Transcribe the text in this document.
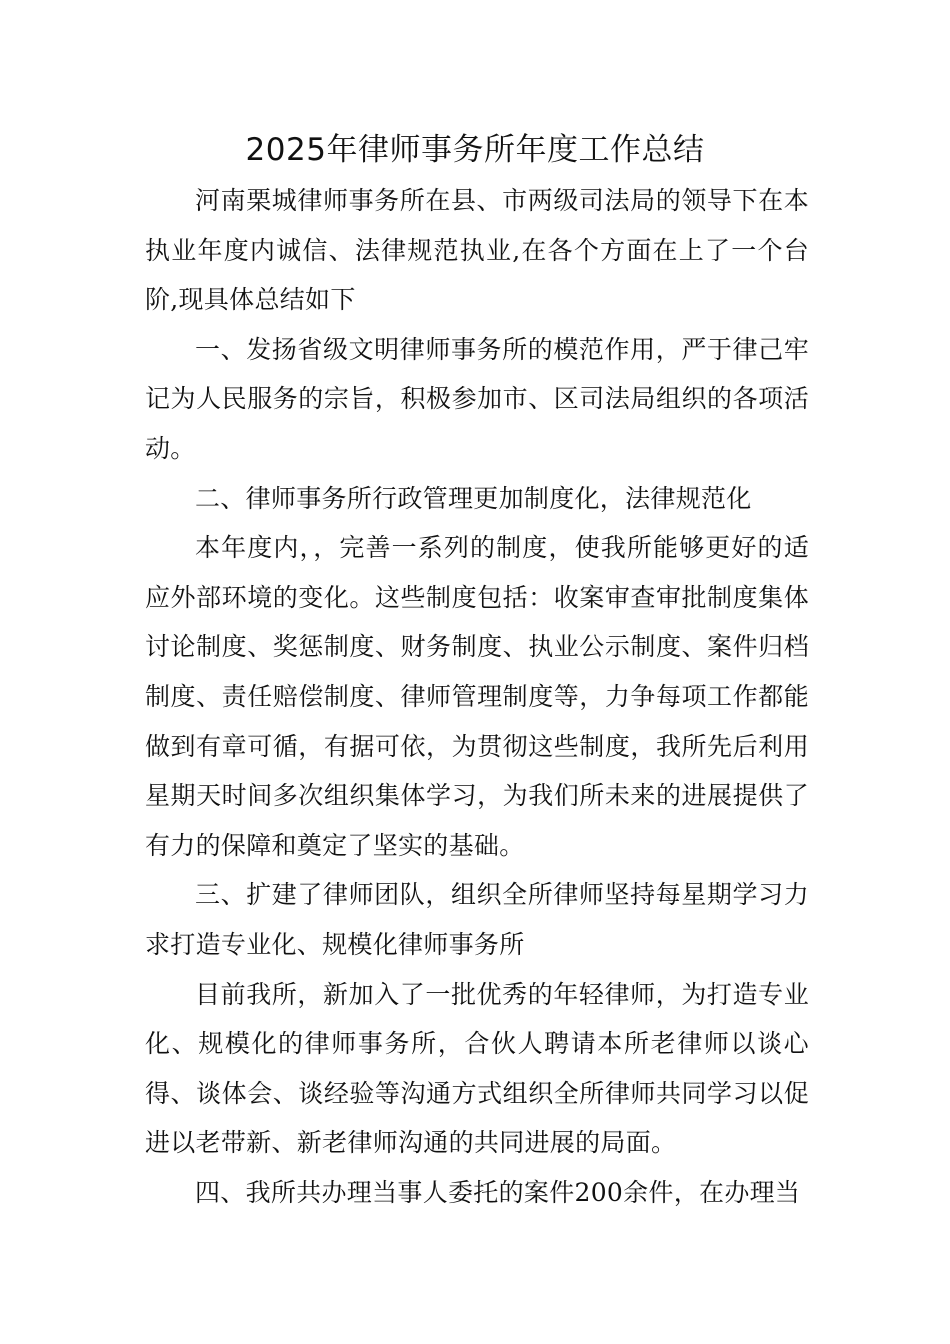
2025年律师事务所年度工作总结

河南栗城律师事务所在县、市两级司法局的领导下在本执业年度内诚信、法律规范执业,在各个方面在上了一个台阶,现具体总结如下

一、发扬省级文明律师事务所的模范作用，严于律己牢记为人民服务的宗旨，积极参加市、区司法局组织的各项活动。

二、律师事务所行政管理更加制度化，法律规范化

本年度内，，完善一系列的制度，使我所能够更好的适应外部环境的变化。这些制度包括：收案审查审批制度集体讨论制度、奖惩制度、财务制度、执业公示制度、案件归档制度、责任赔偿制度、律师管理制度等，力争每项工作都能做到有章可循，有据可依，为贯彻这些制度，我所先后利用星期天时间多次组织集体学习，为我们所未来的进展提供了有力的保障和奠定了坚实的基础。

三、扩建了律师团队，组织全所律师坚持每星期学习力求打造专业化、规模化律师事务所

目前我所，新加入了一批优秀的年轻律师，为打造专业化、规模化的律师事务所，合伙人聘请本所老律师以谈心得、谈体会、谈经验等沟通方式组织全所律师共同学习以促进以老带新、新老律师沟通的共同进展的局面。

四、我所共办理当事人委托的案件200余件，在办理当
